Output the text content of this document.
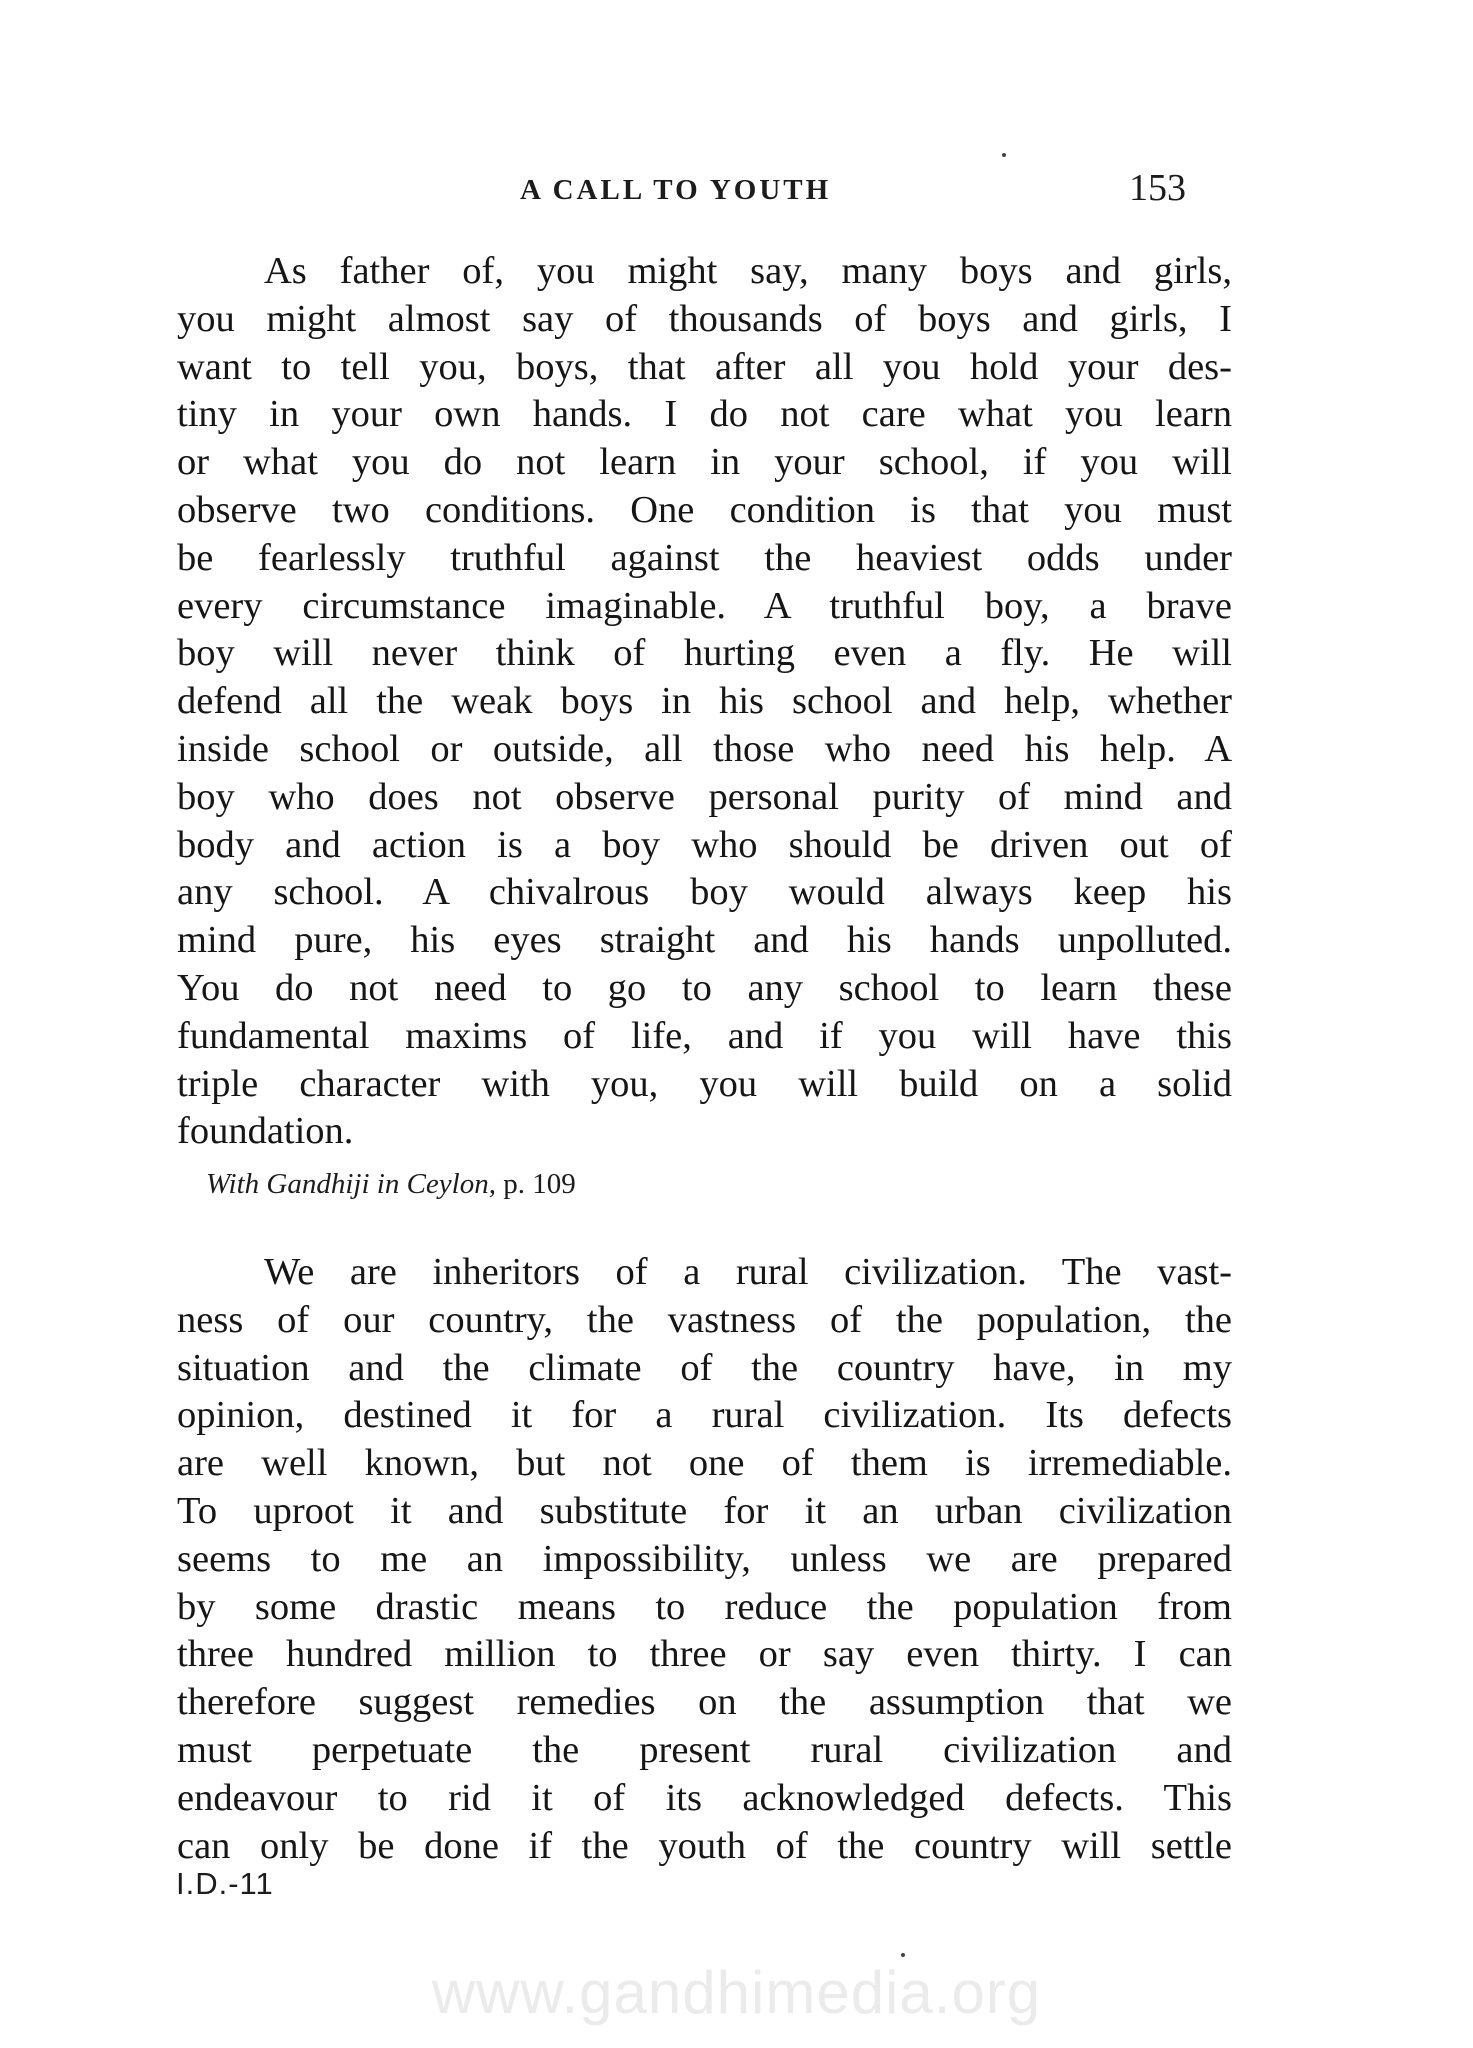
A CALL TO YOUTH	153
As father of, you might say, many boys and girls,
you might almost say of thousands of boys and girls, I
want to tell you, boys, that after all you hold your des-
tiny in your own hands. I do not care what you learn
or what you do not learn in your school, if you will
observe two conditions. One condition is that you must
be fearlessly truthful against the heaviest odds under
every circumstance imaginable. A truthful boy, a brave
boy will never think of hurting even a fly. He will
defend all the weak boys in his school and help, whether
inside school or outside, all those who need his help. A
boy who does not observe personal purity of mind and
body and action is a boy who should be driven out of
any school. A chivalrous boy would always keep his
mind pure, his eyes straight and his hands unpolluted.
You do not need to go to any school to learn these
fundamental maxims of life, and if you will have this
triple character with you, you will build on a solid
foundation.
With Gandhiji in Ceylon, p. 109
We are inheritors of a rural civilization. The vast-
ness of our country, the vastness of the population, the
situation and the climate of the country have, in my
opinion, destined it for a rural civilization. Its defects
are well known, but not one of them is irremediable.
To uproot it and substitute for it an urban civilization
seems to me an impossibility, unless we are prepared
by some drastic means to reduce the population from
three hundred million to three or say even thirty. I can
therefore suggest remedies on the assumption that we
must perpetuate the present rural civilization and
endeavour to rid it of its acknowledged defects. This
can only be done if the youth of the country will settle
I.D.-11
www.gandhimedia.org
